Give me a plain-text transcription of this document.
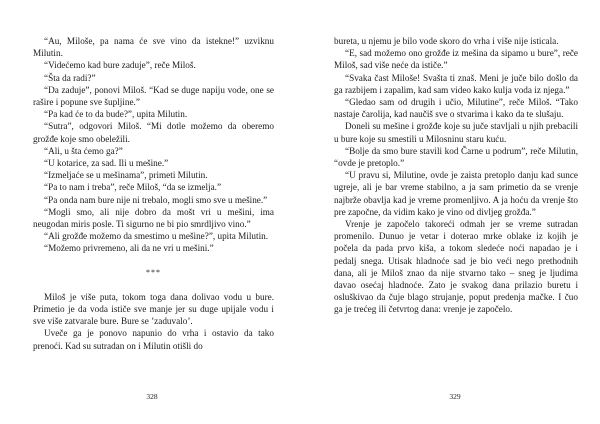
“Au, Miloše, pa nama će sve vino da istekne!” uzviknu Milutin.

“Videćemo kad bure zaduje”, reče Miloš.

“Šta da radi?”

“Da zaduje”, ponovi Miloš. “Kad se duge napiju vode, one se rašire i popune sve šupljine.”

“Pa kad će to da bude?”, upita Milutin.

“Sutra”, odgovori Miloš. “Mi dotle možemo da oberemo grožđe koje smo obeležili.

“Ali, u šta ćemo ga?”

“U kotarice, za sad. Ili u mešine.”

“Izmeljaće se u mešinama”, primeti Milutin.

“Pa to nam i treba”, reče Miloš, “da se izmelja.”

“Pa onda nam bure nije ni trebalo, mogli smo sve u mešine.”

“Mogli smo, ali nije dobro da mošt vri u mešini, ima neugodan miris posle. Ti sigurno ne bi pio smrdljivo vino.”

“Ali grožđe možemo da smestimo u mešine?”, upita Milutin.

“Možemo privremeno, ali da ne vri u mešini.”

***

Miloš je više puta, tokom toga dana dolivao vodu u bure. Primetio je da voda ističe sve manje jer su duge upijale vodu i sve više zatvarale bure. Bure se ’zaduvalo’.

Uveče ga je ponovo napunio do vrha i ostavio da tako prenoći. Kad su sutradan on i Milutin otišli do

328

bureta, u njemu je bilo vode skoro do vrha i više nije isticala.

“E, sad možemo ono grožđe iz mešina da sipamo u bure”, reče Miloš, sad više neće da ističe.”

“Svaka čast Miloše! Svašta ti znaš. Meni je juče bilo došlo da ga razbijem i zapalim, kad sam video kako kulja voda iz njega.”

“Gledao sam od drugih i učio, Milutine”, reče Miloš. “Tako nastaje čarolija, kad naučiš sve o stvarima i kako da te slušaju.

Doneli su mešine i grožđe koje su juče stavljali u njih prebacili u bure koje su smestili u Milosninu staru kuću.

“Bolje da smo bure stavili kod Čarne u podrum”, reče Milutin, “ovde je pretoplo.”

“U pravu si, Milutine, ovde je zaista pretoplo danju kad sunce ugreje, ali je bar vreme stabilno, a ja sam primetio da se vrenje najbrže obavlja kad je vreme promenljivo. A ja hoću da vrenje što pre započne, da vidim kako je vino od divljeg grožđa.”

Vrenje je započelo takoreći odmah jer se vreme sutradan promenilo. Dunuo je vetar i doterao mrke oblake iz kojih je počela da pada prvo kiša, a tokom sledeće noći napadao je i pedalj snega. Utisak hladnoće sad je bio veći nego prethodnih dana, ali je Miloš znao da nije stvarno tako – sneg je ljudima davao osećaj hladnoće. Zato je svakog dana prilazio buretu i osluškivao da čuje blago strujanje, poput predenja mačke. I čuo ga je trećeg ili četvrtog dana: vrenje je započelo.

329
